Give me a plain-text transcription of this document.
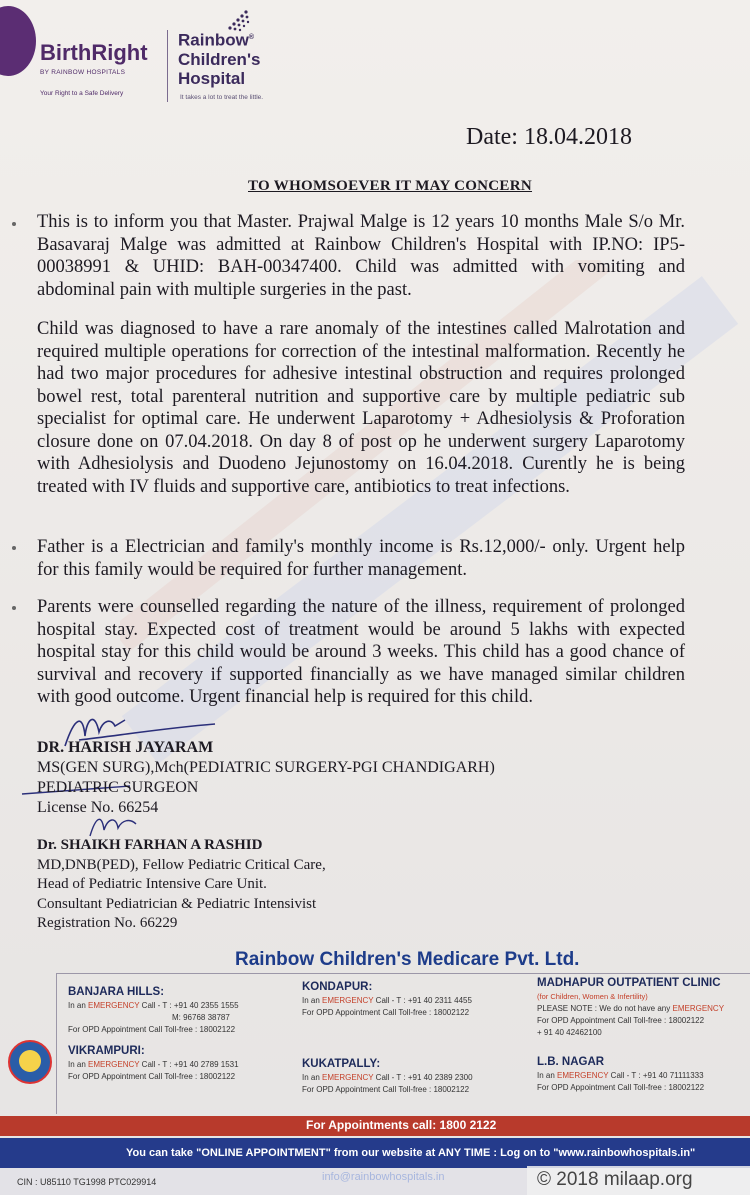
BirthRight
BY RAINBOW HOSPITALS
Your Right to a Safe Delivery
Rainbow®
Children's
Hospital
It takes a lot to treat the little.
Date: 18.04.2018
TO WHOMSOEVER IT MAY CONCERN
This is to inform you that Master. Prajwal Malge is 12 years 10 months Male S/o Mr. Basavaraj Malge was admitted at Rainbow Children's Hospital with IP.NO: IP5-00038991 & UHID: BAH-00347400. Child was admitted with vomiting and abdominal pain with multiple surgeries in the past.
Child was diagnosed to have a rare anomaly of the intestines called Malrotation and required multiple operations for correction of the intestinal malformation. Recently he had two major procedures for adhesive intestinal obstruction and requires prolonged bowel rest, total parenteral nutrition and supportive care by multiple pediatric sub specialist for optimal care. He underwent Laparotomy + Adhesiolysis & Proforation closure done on 07.04.2018. On day 8 of post op he underwent surgery Laparotomy with Adhesiolysis and Duodeno Jejunostomy on 16.04.2018. Curently he is being treated with IV fluids and supportive care, antibiotics to treat infections.
Father is a Electrician and family's monthly income is Rs.12,000/- only. Urgent help for this family would be required for further management.
Parents were counselled regarding the nature of the illness, requirement of prolonged hospital stay. Expected cost of treatment would be around 5 lakhs with expected hospital stay for this child would be around 3 weeks. This child has a good chance of survival and recovery if supported financially as we have managed similar children with good outcome. Urgent financial help is required for this child.
DR. HARISH JAYARAM
MS(GEN SURG),Mch(PEDIATRIC SURGERY-PGI CHANDIGARH)
PEDIATRIC SURGEON
License No. 66254
Dr. SHAIKH FARHAN A RASHID
MD,DNB(PED), Fellow Pediatric Critical Care,
Head of Pediatric Intensive Care Unit.
Consultant Pediatrician & Pediatric Intensivist
Registration No. 66229
Rainbow Children's Medicare Pvt. Ltd.
BANJARA HILLS:
In an EMERGENCY Call - T : +91 40 2355 1555
M: 96768 38787
For OPD Appointment Call Toll-free : 18002122
KONDAPUR:
In an EMERGENCY Call - T : +91 40 2311 4455
For OPD Appointment Call Toll-free : 18002122
MADHAPUR OUTPATIENT CLINIC
(for Children, Women & Infertility)
PLEASE NOTE : We do not have any EMERGENCY
For OPD Appointment Call Toll-free : 18002122
+ 91 40 42462100
VIKRAMPURI:
In an EMERGENCY Call - T : +91 40 2789 1531
For OPD Appointment Call Toll-free : 18002122
KUKATPALLY:
In an EMERGENCY Call - T : +91 40 2389 2300
For OPD Appointment Call Toll-free : 18002122
L.B. NAGAR
In an EMERGENCY Call - T : +91 40 71111333
For OPD Appointment Call Toll-free : 18002122
For Appointments call: 1800 2122
You can take "ONLINE APPOINTMENT" from our website at ANY TIME : Log on to "www.rainbowhospitals.in"
CIN : U85110 TG1998 PTC029914	info@rainbowhospitals.in	© 2018 milaap.org
